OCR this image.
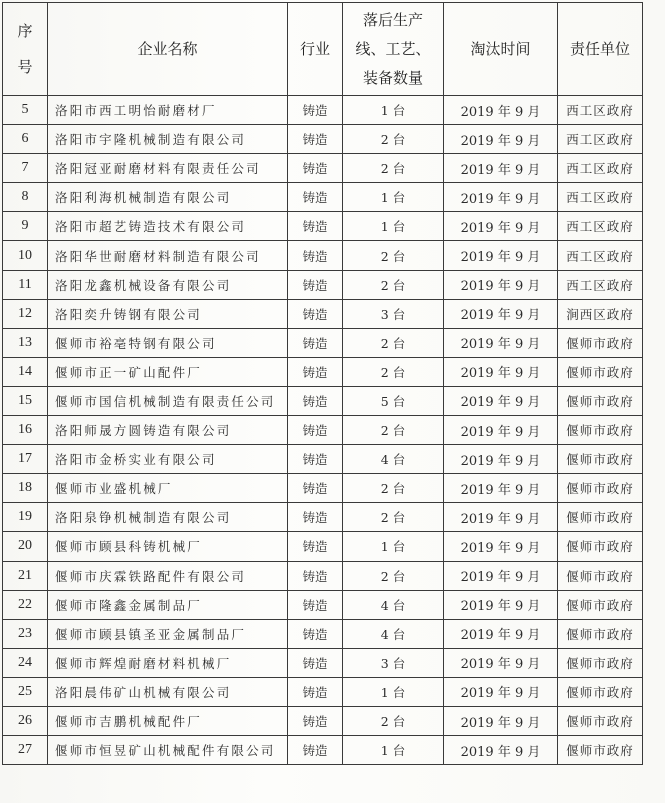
序号	企业名称	行业	落后生产
线、工艺、
装备数量	淘汰时间	责任单位
5	洛阳市西工明怡耐磨材厂	铸造	1 台	2019 年 9 月	西工区政府
6	洛阳市宇隆机械制造有限公司	铸造	2 台	2019 年 9 月	西工区政府
7	洛阳冠亚耐磨材料有限责任公司	铸造	2 台	2019 年 9 月	西工区政府
8	洛阳利海机械制造有限公司	铸造	1 台	2019 年 9 月	西工区政府
9	洛阳市超艺铸造技术有限公司	铸造	1 台	2019 年 9 月	西工区政府
10	洛阳华世耐磨材料制造有限公司	铸造	2 台	2019 年 9 月	西工区政府
11	洛阳龙鑫机械设备有限公司	铸造	2 台	2019 年 9 月	西工区政府
12	洛阳奕升铸钢有限公司	铸造	3 台	2019 年 9 月	涧西区政府
13	偃师市裕亳特钢有限公司	铸造	2 台	2019 年 9 月	偃师市政府
14	偃师市正一矿山配件厂	铸造	2 台	2019 年 9 月	偃师市政府
15	偃师市国信机械制造有限责任公司	铸造	5 台	2019 年 9 月	偃师市政府
16	洛阳师晟方圆铸造有限公司	铸造	2 台	2019 年 9 月	偃师市政府
17	洛阳市金桥实业有限公司	铸造	4 台	2019 年 9 月	偃师市政府
18	偃师市业盛机械厂	铸造	2 台	2019 年 9 月	偃师市政府
19	洛阳泉铮机械制造有限公司	铸造	2 台	2019 年 9 月	偃师市政府
20	偃师市顾县科铸机械厂	铸造	1 台	2019 年 9 月	偃师市政府
21	偃师市庆霖铁路配件有限公司	铸造	2 台	2019 年 9 月	偃师市政府
22	偃师市隆鑫金属制品厂	铸造	4 台	2019 年 9 月	偃师市政府
23	偃师市顾县镇圣亚金属制品厂	铸造	4 台	2019 年 9 月	偃师市政府
24	偃师市辉煌耐磨材料机械厂	铸造	3 台	2019 年 9 月	偃师市政府
25	洛阳晨伟矿山机械有限公司	铸造	1 台	2019 年 9 月	偃师市政府
26	偃师市吉鹏机械配件厂	铸造	2 台	2019 年 9 月	偃师市政府
27	偃师市恒昱矿山机械配件有限公司	铸造	1 台	2019 年 9 月	偃师市政府
